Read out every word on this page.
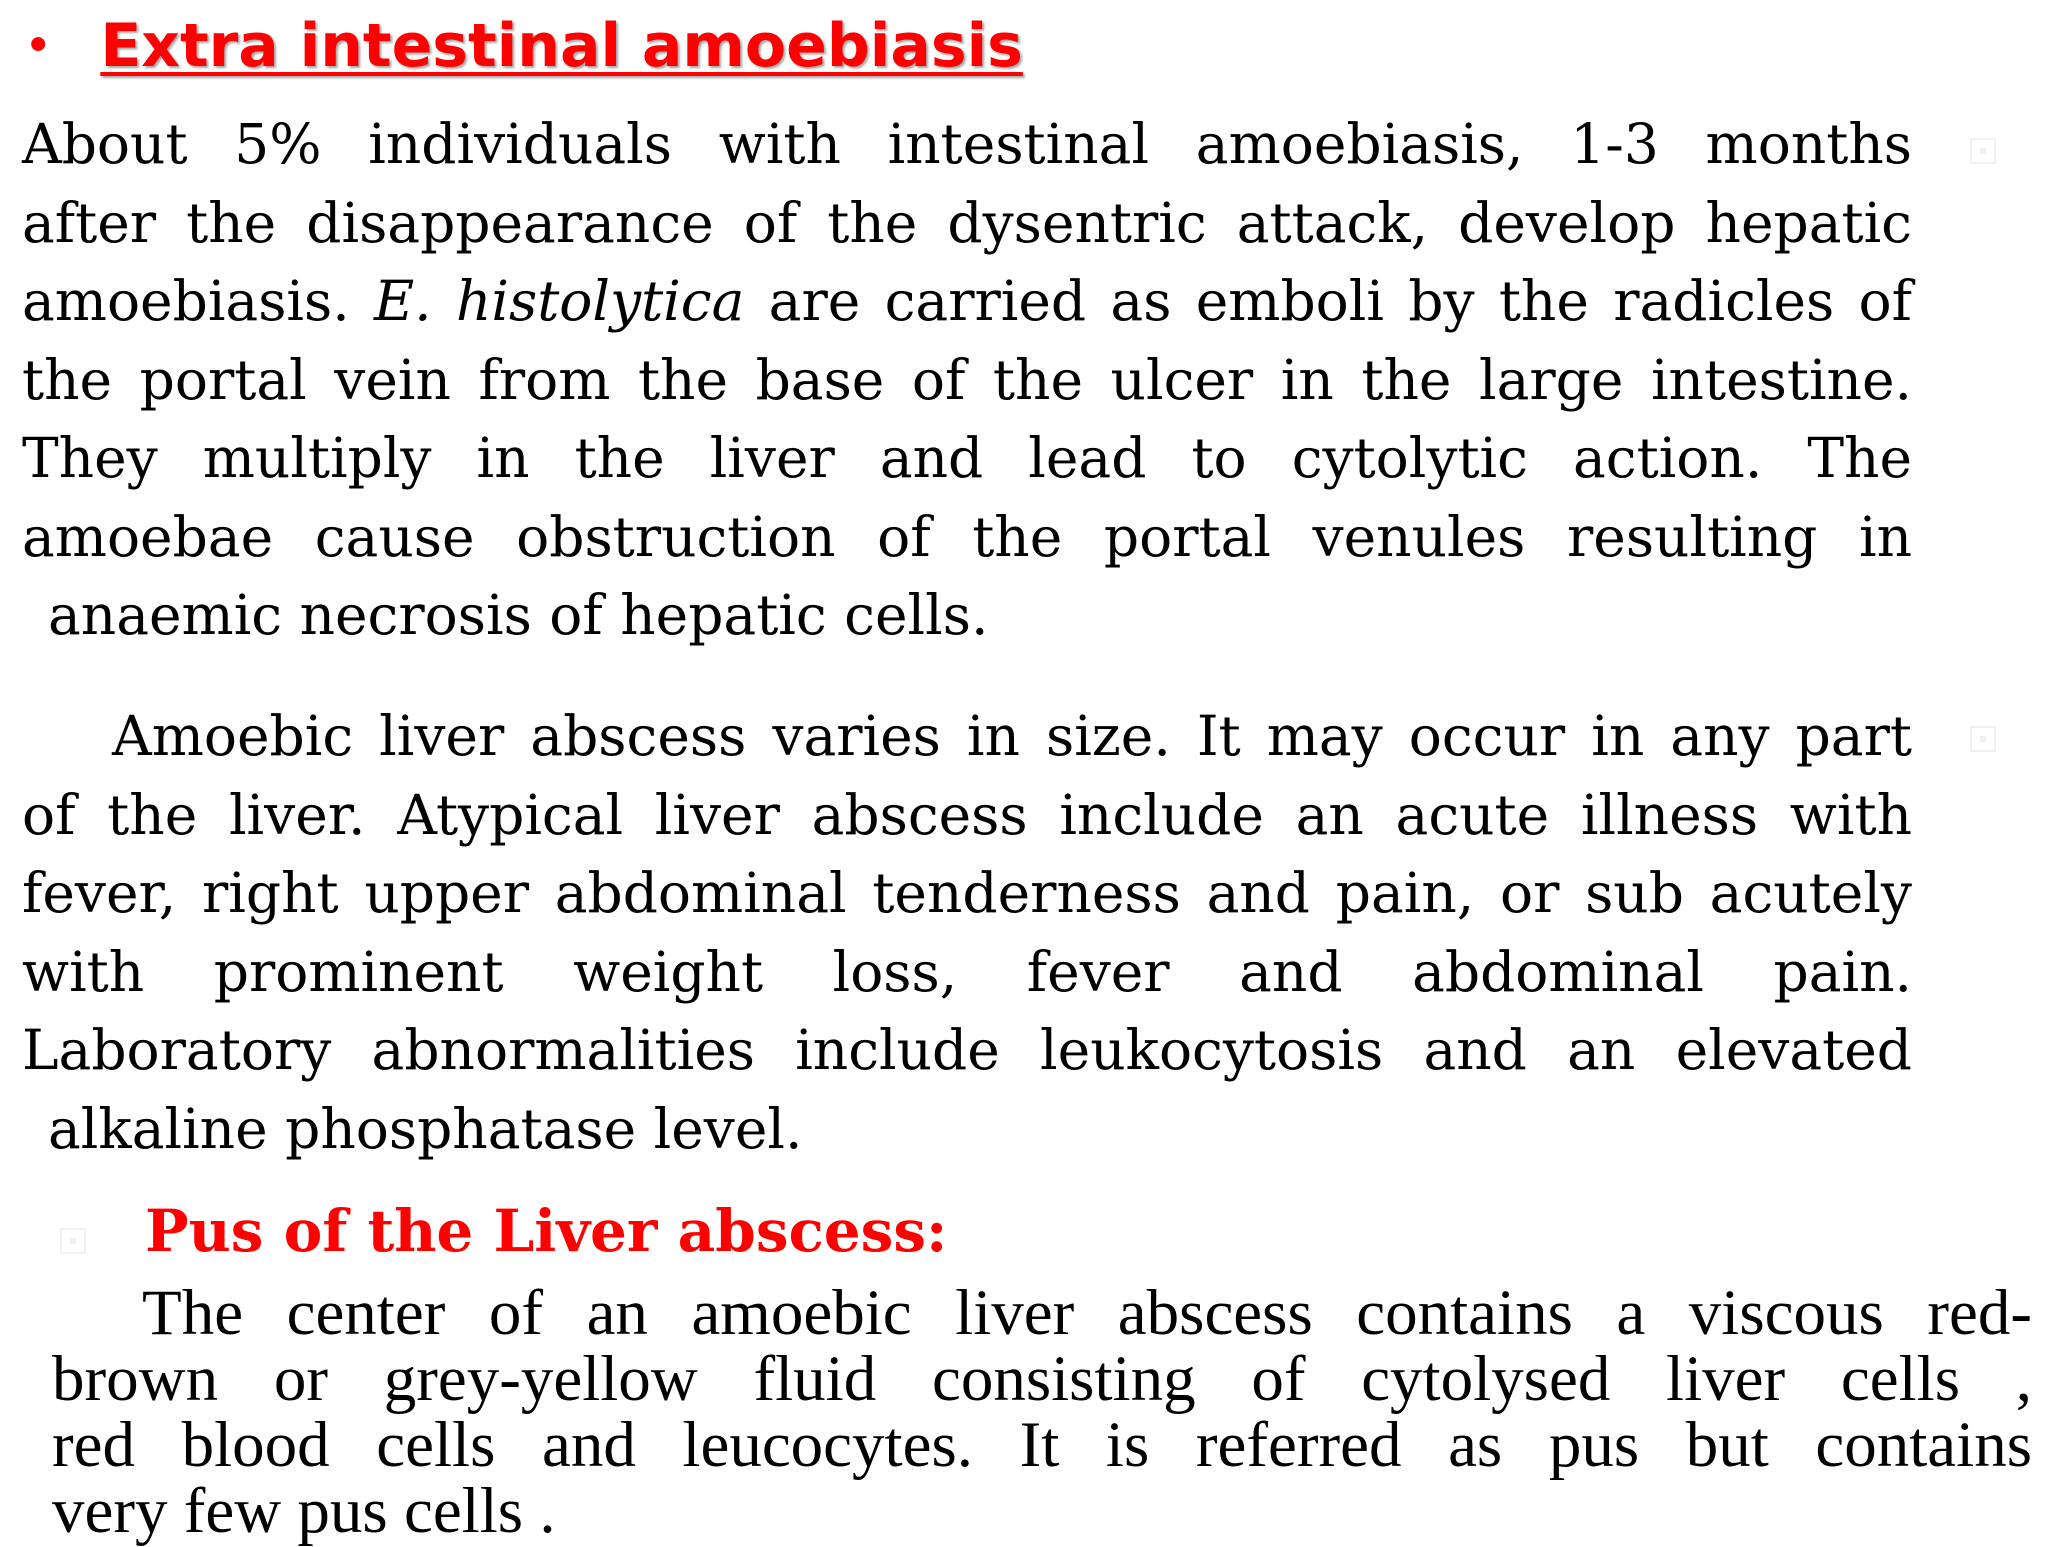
• Extra intestinal amoebiasis
About 5% individuals with intestinal amoebiasis, 1-3 months
after the disappearance of the dysentric attack, develop hepatic
amoebiasis. E. histolytica are carried as emboli by the radicles of
the portal vein from the base of the ulcer in the large intestine.
They multiply in the liver and lead to cytolytic action. The
amoebae cause obstruction of the portal venules resulting in
anaemic necrosis of hepatic cells.
Amoebic liver abscess varies in size. It may occur in any part
of the liver. Atypical liver abscess include an acute illness with
fever, right upper abdominal tenderness and pain, or sub acutely
with prominent weight loss, fever and abdominal pain.
Laboratory abnormalities include leukocytosis and an elevated
alkaline phosphatase level.
Pus of the Liver abscess:
The center of an amoebic liver abscess contains a viscous red-
brown or grey-yellow fluid consisting of cytolysed liver cells ,
red blood cells and leucocytes. It is referred as pus but contains
very few pus cells .
